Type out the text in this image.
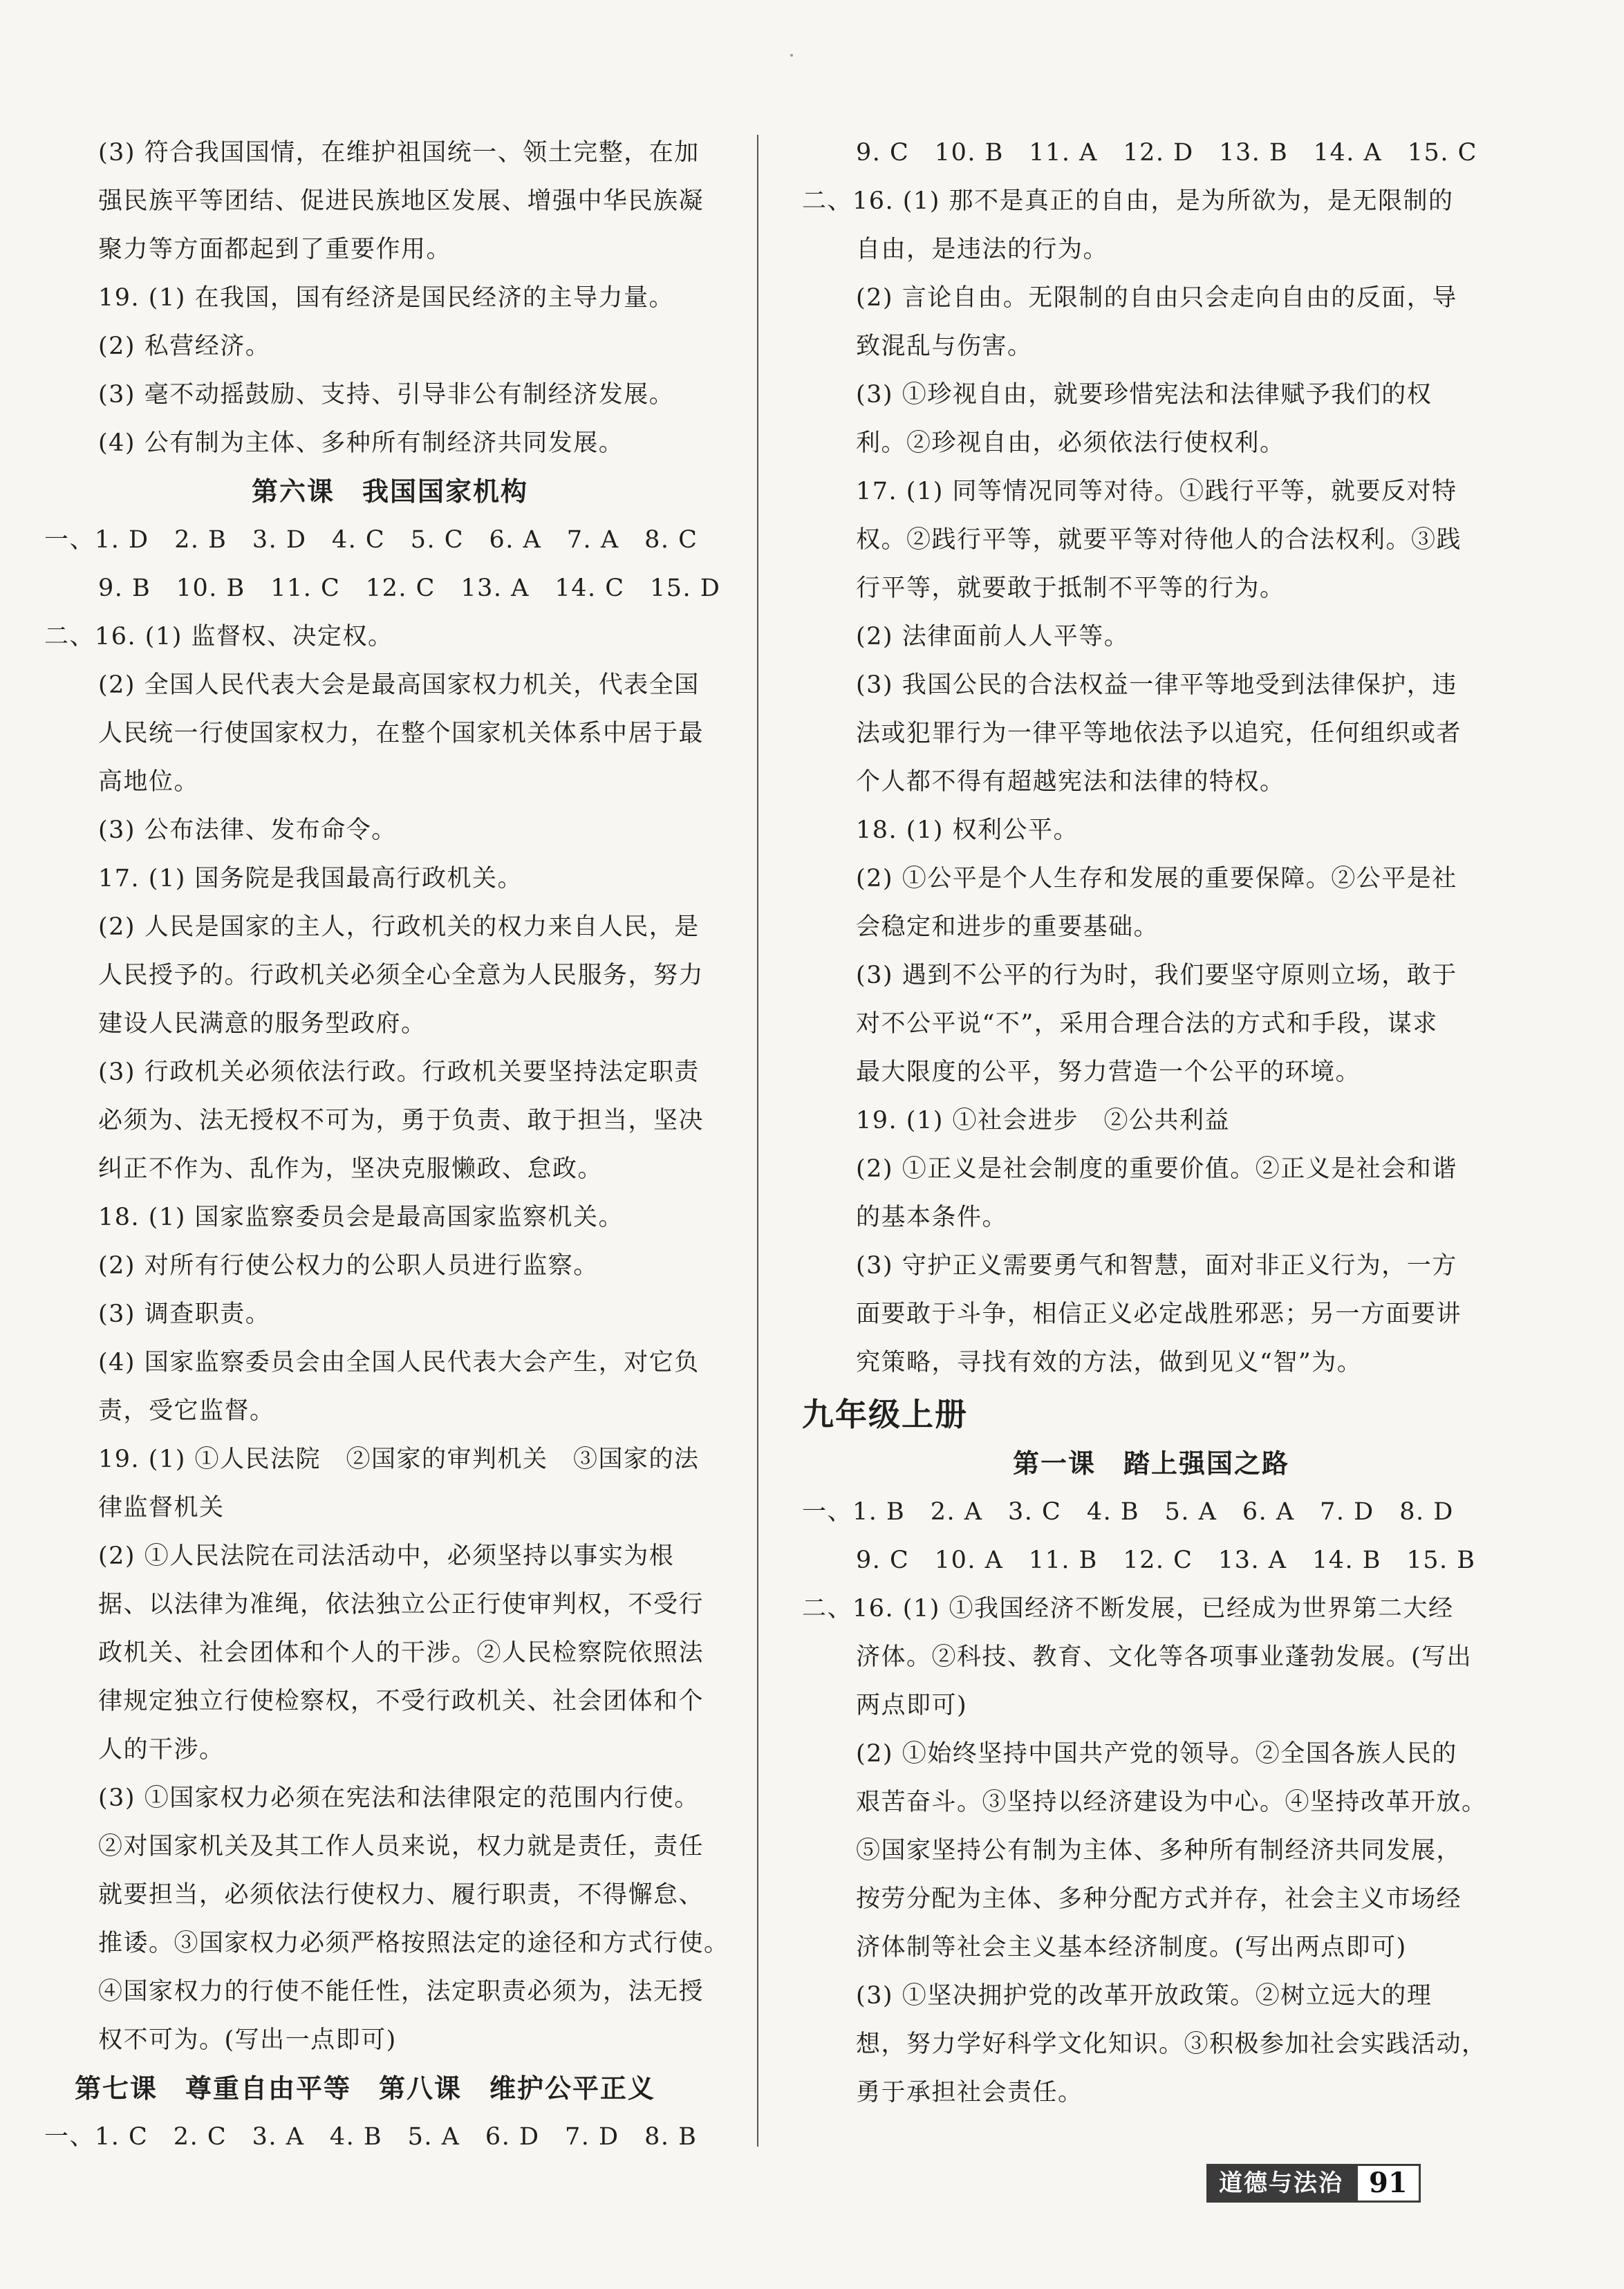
(3) 符合我国国情，在维护祖国统一、领土完整，在加
强民族平等团结、促进民族地区发展、增强中华民族凝
聚力等方面都起到了重要作用。
19. (1) 在我国，国有经济是国民经济的主导力量。
(2) 私营经济。
(3) 毫不动摇鼓励、支持、引导非公有制经济发展。
(4) 公有制为主体、多种所有制经济共同发展。
第六课　我国国家机构
一、1. D　2. B　3. D　4. C　5. C　6. A　7. A　8. C
9. B　10. B　11. C　12. C　13. A　14. C　15. D
二、16. (1) 监督权、决定权。
(2) 全国人民代表大会是最高国家权力机关，代表全国
人民统一行使国家权力，在整个国家机关体系中居于最
高地位。
(3) 公布法律、发布命令。
17. (1) 国务院是我国最高行政机关。
(2) 人民是国家的主人，行政机关的权力来自人民，是
人民授予的。行政机关必须全心全意为人民服务，努力
建设人民满意的服务型政府。
(3) 行政机关必须依法行政。行政机关要坚持法定职责
必须为、法无授权不可为，勇于负责、敢于担当，坚决
纠正不作为、乱作为，坚决克服懒政、怠政。
18. (1) 国家监察委员会是最高国家监察机关。
(2) 对所有行使公权力的公职人员进行监察。
(3) 调查职责。
(4) 国家监察委员会由全国人民代表大会产生，对它负
责，受它监督。
19. (1) ①人民法院　②国家的审判机关　③国家的法
律监督机关
(2) ①人民法院在司法活动中，必须坚持以事实为根
据、以法律为准绳，依法独立公正行使审判权，不受行
政机关、社会团体和个人的干涉。②人民检察院依照法
律规定独立行使检察权，不受行政机关、社会团体和个
人的干涉。
(3) ①国家权力必须在宪法和法律限定的范围内行使。
②对国家机关及其工作人员来说，权力就是责任，责任
就要担当，必须依法行使权力、履行职责，不得懈怠、
推诿。③国家权力必须严格按照法定的途径和方式行使。
④国家权力的行使不能任性，法定职责必须为，法无授
权不可为。(写出一点即可)
第七课　尊重自由平等　第八课　维护公平正义
一、1. C　2. C　3. A　4. B　5. A　6. D　7. D　8. B
9. C　10. B　11. A　12. D　13. B　14. A　15. C
二、16. (1) 那不是真正的自由，是为所欲为，是无限制的
自由，是违法的行为。
(2) 言论自由。无限制的自由只会走向自由的反面，导
致混乱与伤害。
(3) ①珍视自由，就要珍惜宪法和法律赋予我们的权
利。②珍视自由，必须依法行使权利。
17. (1) 同等情况同等对待。①践行平等，就要反对特
权。②践行平等，就要平等对待他人的合法权利。③践
行平等，就要敢于抵制不平等的行为。
(2) 法律面前人人平等。
(3) 我国公民的合法权益一律平等地受到法律保护，违
法或犯罪行为一律平等地依法予以追究，任何组织或者
个人都不得有超越宪法和法律的特权。
18. (1) 权利公平。
(2) ①公平是个人生存和发展的重要保障。②公平是社
会稳定和进步的重要基础。
(3) 遇到不公平的行为时，我们要坚守原则立场，敢于
对不公平说“不”，采用合理合法的方式和手段，谋求
最大限度的公平，努力营造一个公平的环境。
19. (1) ①社会进步　②公共利益
(2) ①正义是社会制度的重要价值。②正义是社会和谐
的基本条件。
(3) 守护正义需要勇气和智慧，面对非正义行为，一方
面要敢于斗争，相信正义必定战胜邪恶；另一方面要讲
究策略，寻找有效的方法，做到见义“智”为。
九年级上册
第一课　踏上强国之路
一、1. B　2. A　3. C　4. B　5. A　6. A　7. D　8. D
9. C　10. A　11. B　12. C　13. A　14. B　15. B
二、16. (1) ①我国经济不断发展，已经成为世界第二大经
济体。②科技、教育、文化等各项事业蓬勃发展。(写出
两点即可)
(2) ①始终坚持中国共产党的领导。②全国各族人民的
艰苦奋斗。③坚持以经济建设为中心。④坚持改革开放。
⑤国家坚持公有制为主体、多种所有制经济共同发展，
按劳分配为主体、多种分配方式并存，社会主义市场经
济体制等社会主义基本经济制度。(写出两点即可)
(3) ①坚决拥护党的改革开放政策。②树立远大的理
想，努力学好科学文化知识。③积极参加社会实践活动，
勇于承担社会责任。
道德与法治 91
